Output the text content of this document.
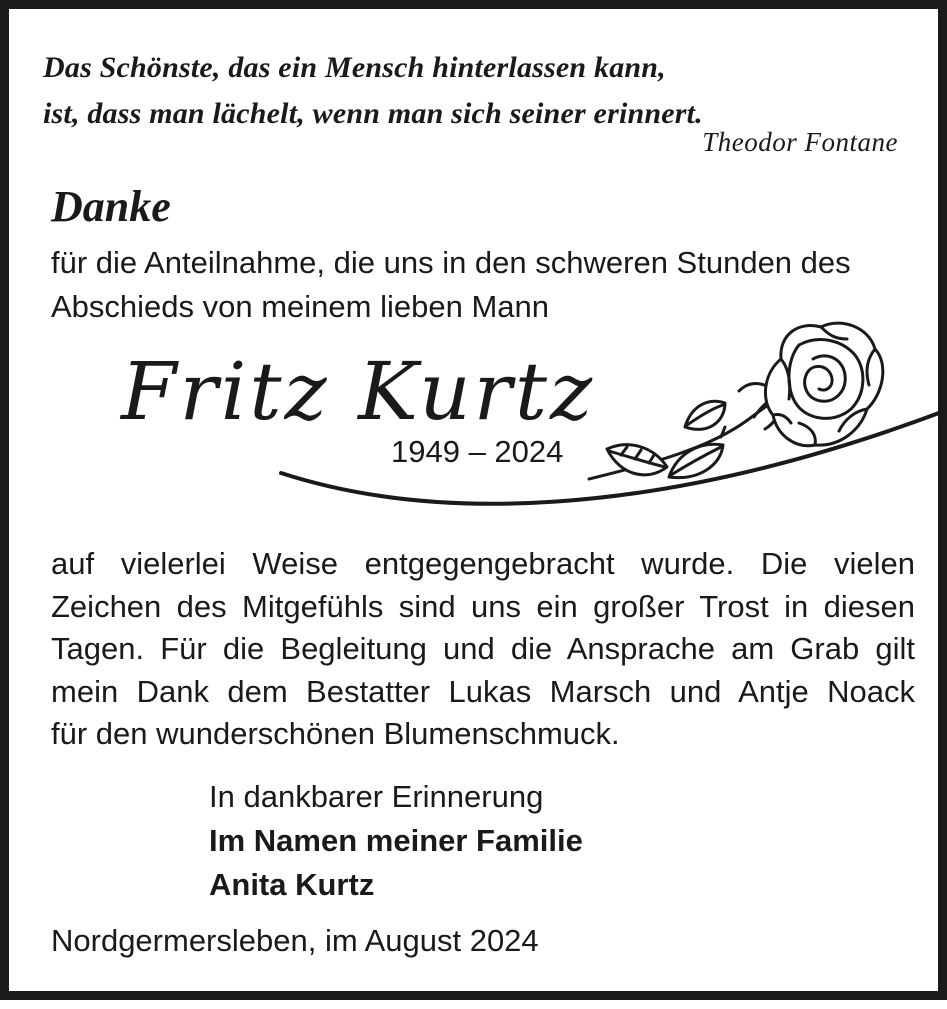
Das Schönste, das ein Mensch hinterlassen kann,
ist, dass man lächelt, wenn man sich seiner erinnert.
Theodor Fontane
Danke
für die Anteilnahme, die uns in den schweren Stunden des
Abschieds von meinem lieben Mann
Fritz Kurtz
1949 – 2024
auf vielerlei Weise entgegengebracht wurde. Die vielen
Zeichen des Mitgefühls sind uns ein großer Trost in diesen
Tagen. Für die Begleitung und die Ansprache am Grab gilt
mein Dank dem Bestatter Lukas Marsch und Antje Noack
für den wunderschönen Blumenschmuck.
In dankbarer Erinnerung
Im Namen meiner Familie
Anita Kurtz
Nordgermersleben, im August 2024
